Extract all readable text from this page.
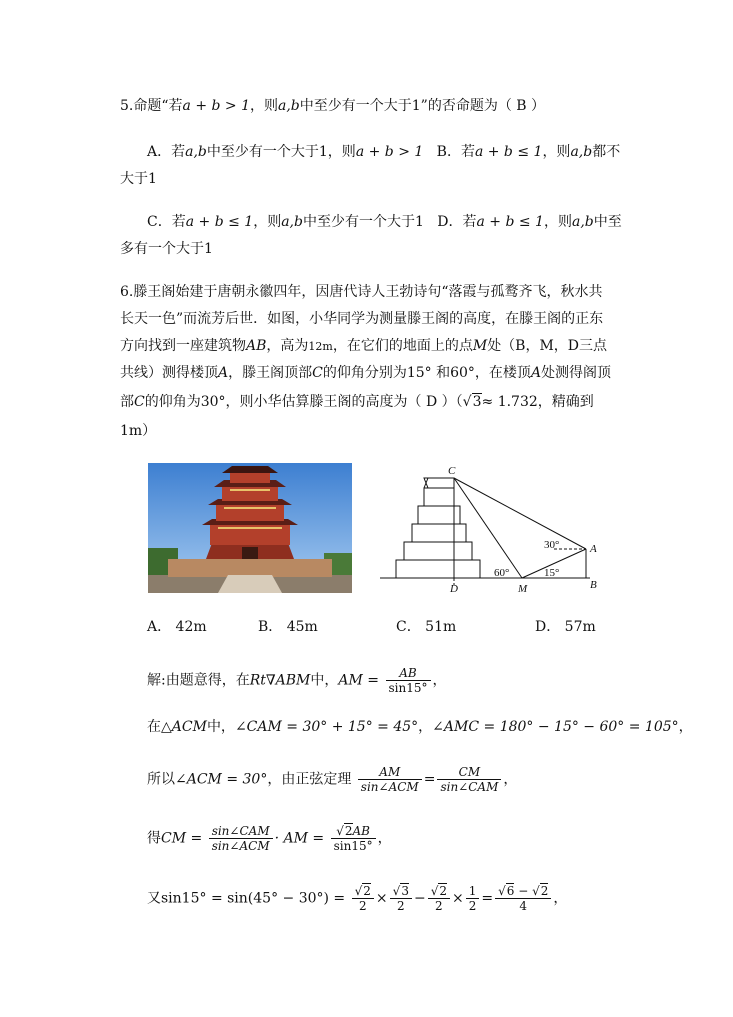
5.命题“若a + b > 1，则a,b中至少有一个大于1”的否命题为（ B ）
A．若a,b中至少有一个大于1，则a + b > 1 B．若a + b ≤ 1，则a,b都不
大于1
C．若a + b ≤ 1，则a,b中至少有一个大于1 D．若a + b ≤ 1，则a,b中至
多有一个大于1
6.滕王阁始建于唐朝永徽四年，因唐代诗人王勃诗句“落霞与孤鹜齐飞，秋水共
长天一色”而流芳后世．如图，小华同学为测量滕王阁的高度，在滕王阁的正东
方向找到一座建筑物AB，高为12m，在它们的地面上的点M处（B，M，D三点
共线）测得楼顶A，滕王阁顶部C的仰角分别为15° 和60°，在楼顶A处测得阁顶
部C的仰角为30°，则小华估算滕王阁的高度为（ D ）（√3≈ 1.732，精确到
1m）
C
A
B
M
D
30°
60°	15°
A． 42m	B． 45m	C． 51m	D． 57m
解:由题意得，在Rt∇ABM中，AM = $\frac{AB}{\sin 15^\circ}$ ，
在△ACM中，∠CAM = 30° + 15° = 45°，∠AMC = 180° − 15° − 60° = 105°，
所以∠ACM = 30°，由正弦定理 $\frac{AM}{\text{sin∠ACM}} = \frac{CM}{\text{sin∠CAM}}$ ，
得CM = $\frac{\text{sin∠CAM}}{\text{sin∠ACM}}$ · AM = $\frac{√2AB}{\sin 15^\circ}$ ，
又$\sin 15^\circ = \sin(45^\circ - 30^\circ) = \frac{√2}{2} \times \frac{√3}{2} - \frac{√2}{2} \times \frac{1}{2} = \frac{√6 - √2}{4}$ ，
